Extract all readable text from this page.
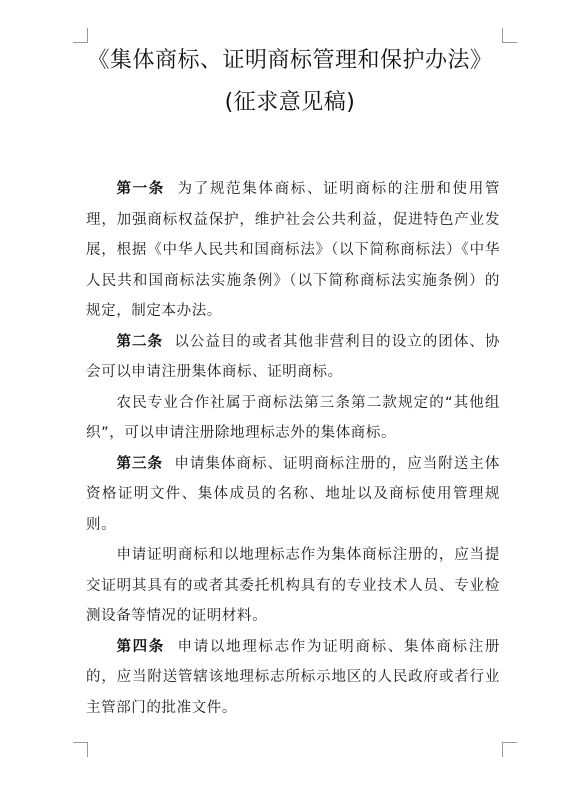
《集体商标、证明商标管理和保护办法》
(征求意见稿)

第一条 为了规范集体商标、证明商标的注册和使用管理，加强商标权益保护，维护社会公共利益，促进特色产业发展，根据《中华人民共和国商标法》（以下简称商标法）《中华人民共和国商标法实施条例》（以下简称商标法实施条例）的规定，制定本办法。

第二条 以公益目的或者其他非营利目的设立的团体、协会可以申请注册集体商标、证明商标。

农民专业合作社属于商标法第三条第二款规定的“其他组织”，可以申请注册除地理标志外的集体商标。

第三条 申请集体商标、证明商标注册的，应当附送主体资格证明文件、集体成员的名称、地址以及商标使用管理规则。

申请证明商标和以地理标志作为集体商标注册的，应当提交证明其具有的或者其委托机构具有的专业技术人员、专业检测设备等情况的证明材料。

第四条 申请以地理标志作为证明商标、集体商标注册的，应当附送管辖该地理标志所标示地区的人民政府或者行业主管部门的批准文件。
